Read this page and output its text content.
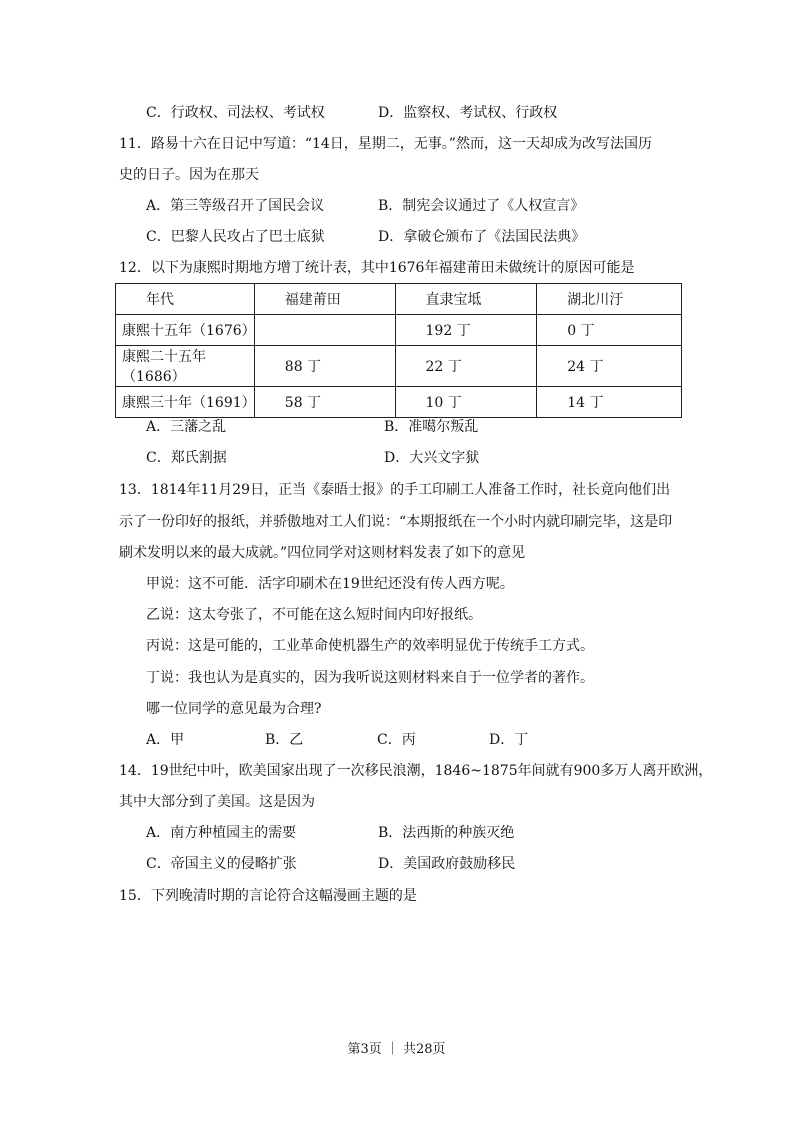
C．行政权、司法权、考试权	D．监察权、考试权、行政权
11．路易十六在日记中写道：“14日，星期二，无事。”然而，这一天却成为改写法国历
史的日子。因为在那天
A．第三等级召开了国民会议	B．制宪会议通过了《人权宣言》
C．巴黎人民攻占了巴士底狱	D．拿破仑颁布了《法国民法典》
12．以下为康熙时期地方增丁统计表，其中1676年福建莆田未做统计的原因可能是
年代	福建莆田	直隶宝坻	湖北川汙
康熙十五年（1676）		192 丁	0 丁
康熙二十五年（1686）	88 丁	22 丁	24 丁
康熙三十年（1691）	58 丁	10 丁	14 丁
A．三藩之乱	B．准噶尔叛乱
C．郑氏割据	D．大兴文字狱
13．1814年11月29日，正当《泰晤士报》的手工印刷工人准备工作时，社长竟向他们出
示了一份印好的报纸，并骄傲地对工人们说：“本期报纸在一个小时内就印刷完毕，这是印
刷术发明以来的最大成就。”四位同学对这则材料发表了如下的意见
甲说：这不可能．活字印刷术在19世纪还没有传人西方呢。
乙说：这太夸张了，不可能在这么短时间内印好报纸。
丙说：这是可能的，工业革命使机器生产的效率明显优于传统手工方式。
丁说：我也认为是真实的，因为我听说这则材料来自于一位学者的著作。
哪一位同学的意见最为合理?
A．甲	B．乙	C．丙	D．丁
14．19世纪中叶，欧美国家出现了一次移民浪潮，1846~1875年间就有900多万人离开欧洲，
其中大部分到了美国。这是因为
A．南方种植园主的需要	B．法西斯的种族灭绝
C．帝国主义的侵略扩张	D．美国政府鼓励移民
15．下列晚清时期的言论符合这幅漫画主题的是
第3页 ｜ 共28页
